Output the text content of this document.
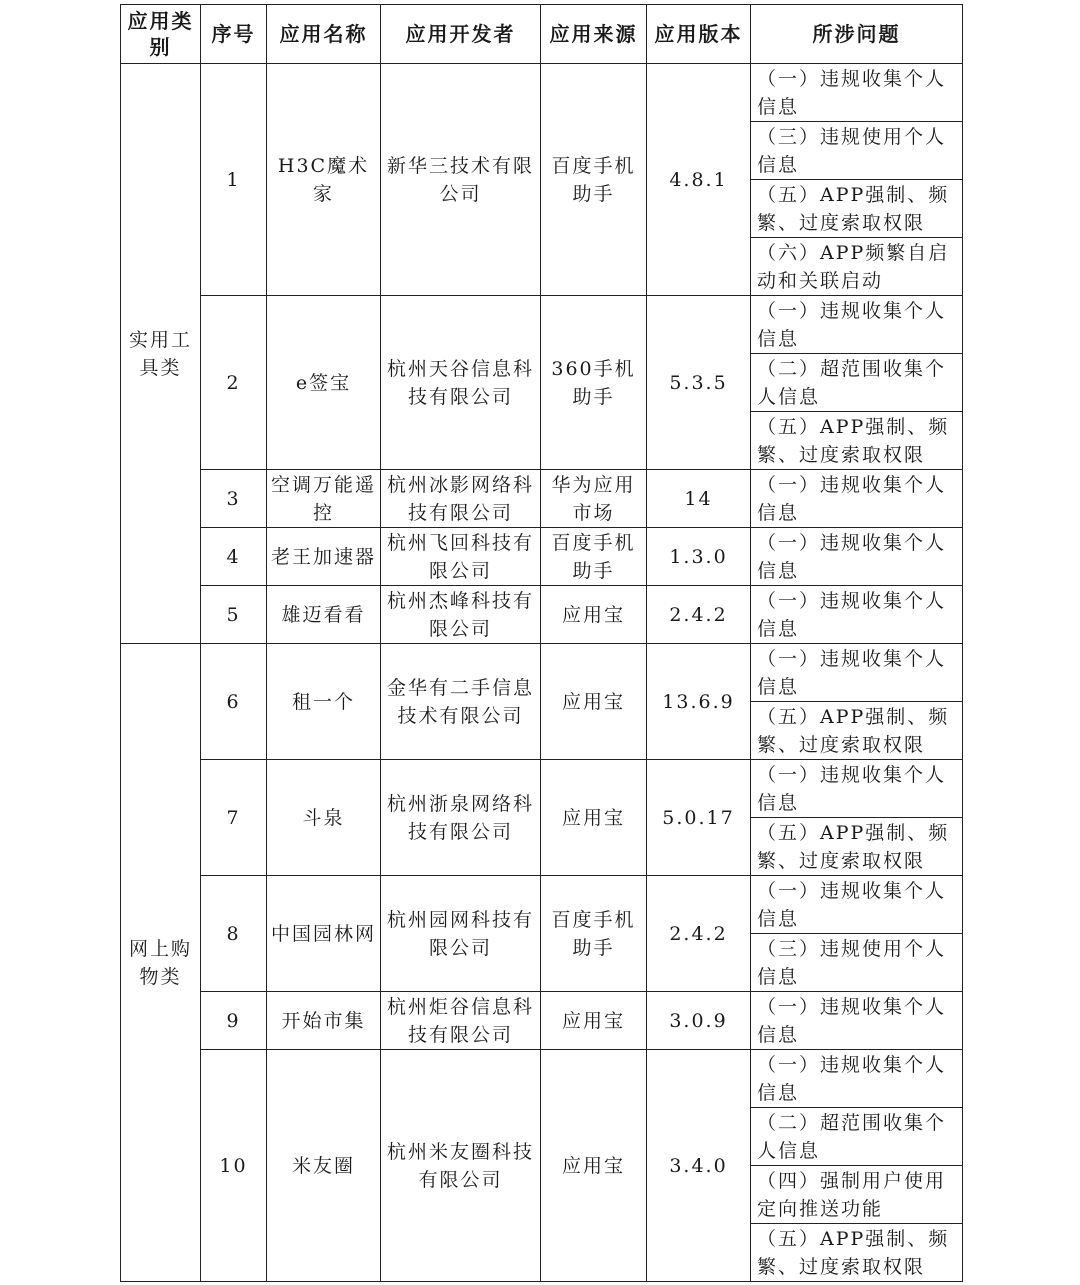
应用类别	序号	应用名称	应用开发者	应用来源	应用版本	所涉问题
实用工具类	1	H3C魔术家	新华三技术有限公司	百度手机助手	4.8.1	（一）违规收集个人信息
						（三）违规使用个人信息
						（五）APP强制、频繁、过度索取权限
						（六）APP频繁自启动和关联启动
	2	e签宝	杭州天谷信息科技有限公司	360手机助手	5.3.5	（一）违规收集个人信息
						（二）超范围收集个人信息
						（五）APP强制、频繁、过度索取权限
	3	空调万能遥控	杭州冰影网络科技有限公司	华为应用市场	14	（一）违规收集个人信息
	4	老王加速器	杭州飞回科技有限公司	百度手机助手	1.3.0	（一）违规收集个人信息
	5	雄迈看看	杭州杰峰科技有限公司	应用宝	2.4.2	（一）违规收集个人信息
网上购物类	6	租一个	金华有二手信息技术有限公司	应用宝	13.6.9	（一）违规收集个人信息
						（五）APP强制、频繁、过度索取权限
	7	斗泉	杭州浙泉网络科技有限公司	应用宝	5.0.17	（一）违规收集个人信息
						（五）APP强制、频繁、过度索取权限
	8	中国园林网	杭州园网科技有限公司	百度手机助手	2.4.2	（一）违规收集个人信息
						（三）违规使用个人信息
	9	开始市集	杭州炬谷信息科技有限公司	应用宝	3.0.9	（一）违规收集个人信息
	10	米友圈	杭州米友圈科技有限公司	应用宝	3.4.0	（一）违规收集个人信息
						（二）超范围收集个人信息
						（四）强制用户使用定向推送功能
						（五）APP强制、频繁、过度索取权限
